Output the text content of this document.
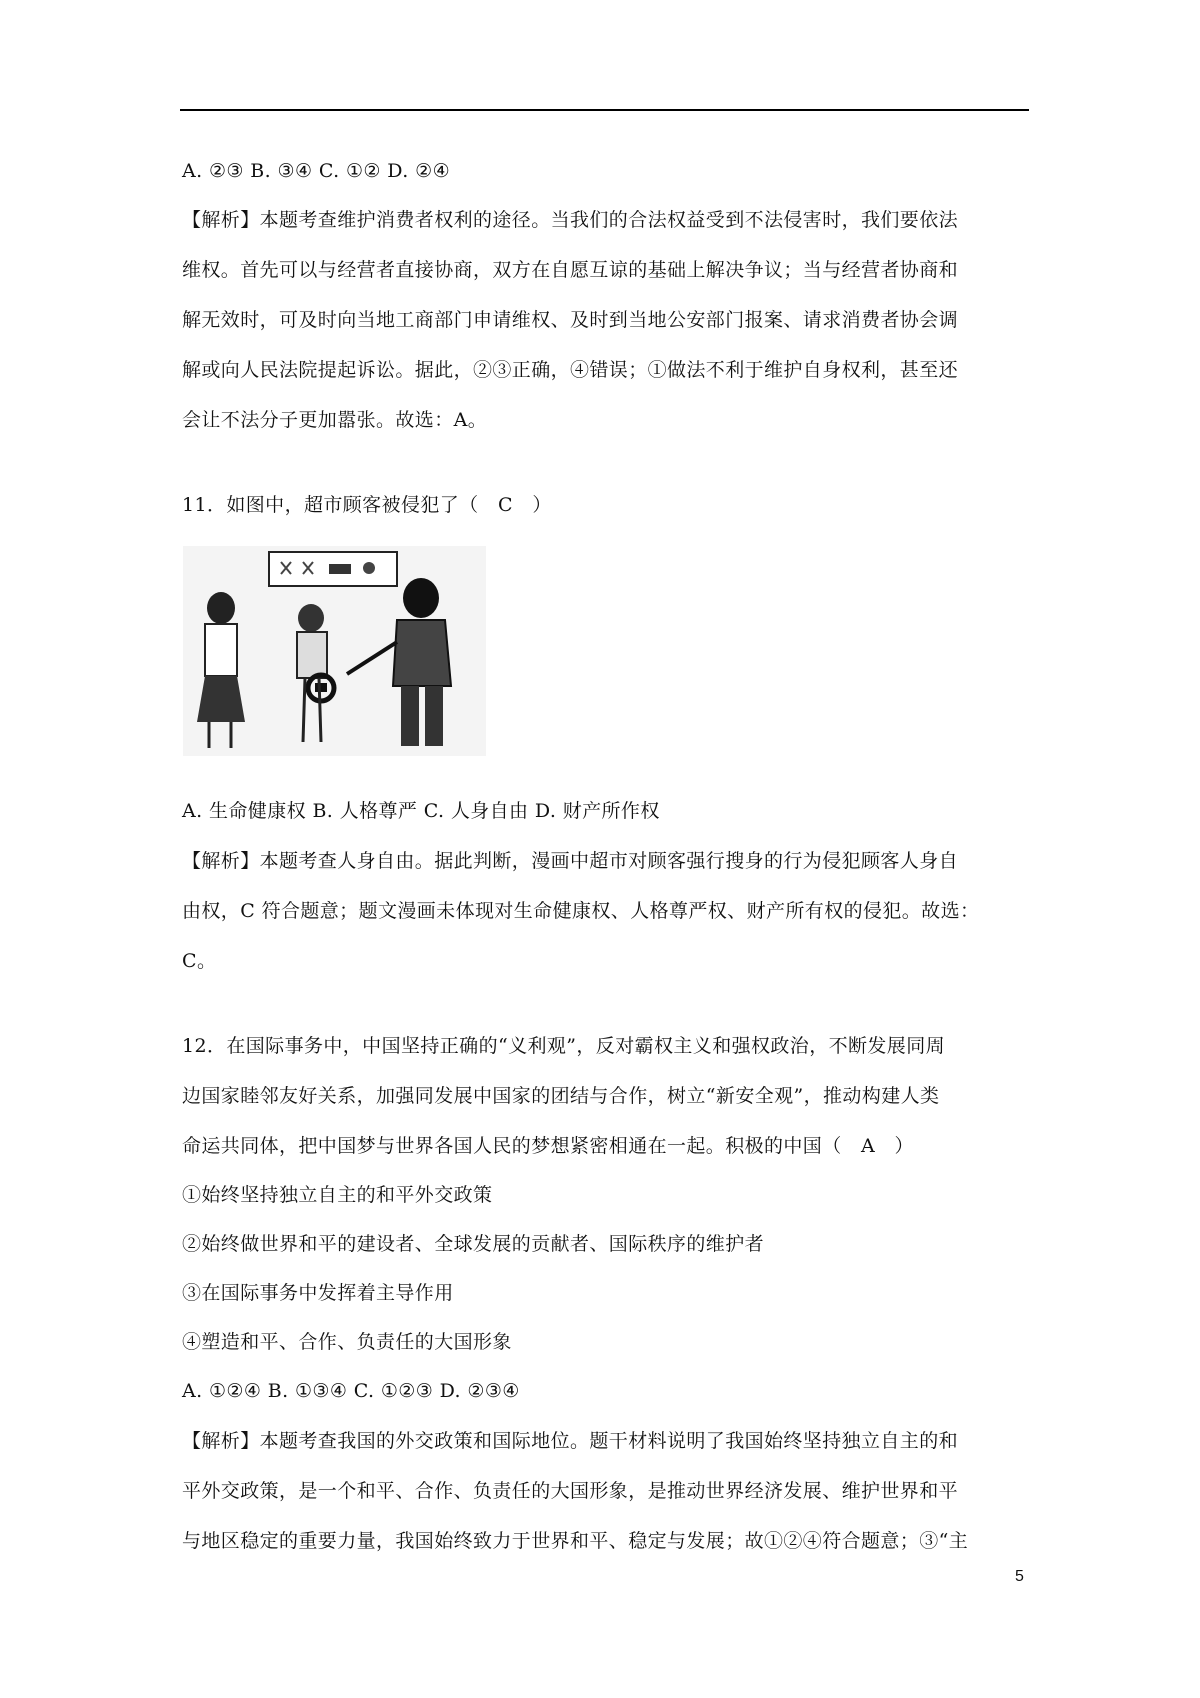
A. ②③ B. ③④ C. ①② D. ②④
【解析】本题考查维护消费者权利的途径。当我们的合法权益受到不法侵害时，我们要依法
维权。首先可以与经营者直接协商，双方在自愿互谅的基础上解决争议；当与经营者协商和
解无效时，可及时向当地工商部门申请维权、及时到当地公安部门报案、请求消费者协会调
解或向人民法院提起诉讼。据此，②③正确，④错误；①做法不利于维护自身权利，甚至还
会让不法分子更加嚣张。故选：A。
11．如图中，超市顾客被侵犯了（　C　）
A. 生命健康权 B. 人格尊严 C. 人身自由 D. 财产所作权
【解析】本题考查人身自由。据此判断，漫画中超市对顾客强行搜身的行为侵犯顾客人身自
由权，C 符合题意；题文漫画未体现对生命健康权、人格尊严权、财产所有权的侵犯。故选：
C。
12．在国际事务中，中国坚持正确的“义利观”，反对霸权主义和强权政治，不断发展同周
边国家睦邻友好关系，加强同发展中国家的团结与合作，树立“新安全观”，推动构建人类
命运共同体，把中国梦与世界各国人民的梦想紧密相通在一起。积极的中国（　A　）
①始终坚持独立自主的和平外交政策
②始终做世界和平的建设者、全球发展的贡献者、国际秩序的维护者
③在国际事务中发挥着主导作用
④塑造和平、合作、负责任的大国形象
A. ①②④ B. ①③④ C. ①②③ D. ②③④
【解析】本题考查我国的外交政策和国际地位。题干材料说明了我国始终坚持独立自主的和
平外交政策，是一个和平、合作、负责任的大国形象，是推动世界经济发展、维护世界和平
与地区稳定的重要力量，我国始终致力于世界和平、稳定与发展；故①②④符合题意；③“主
5
